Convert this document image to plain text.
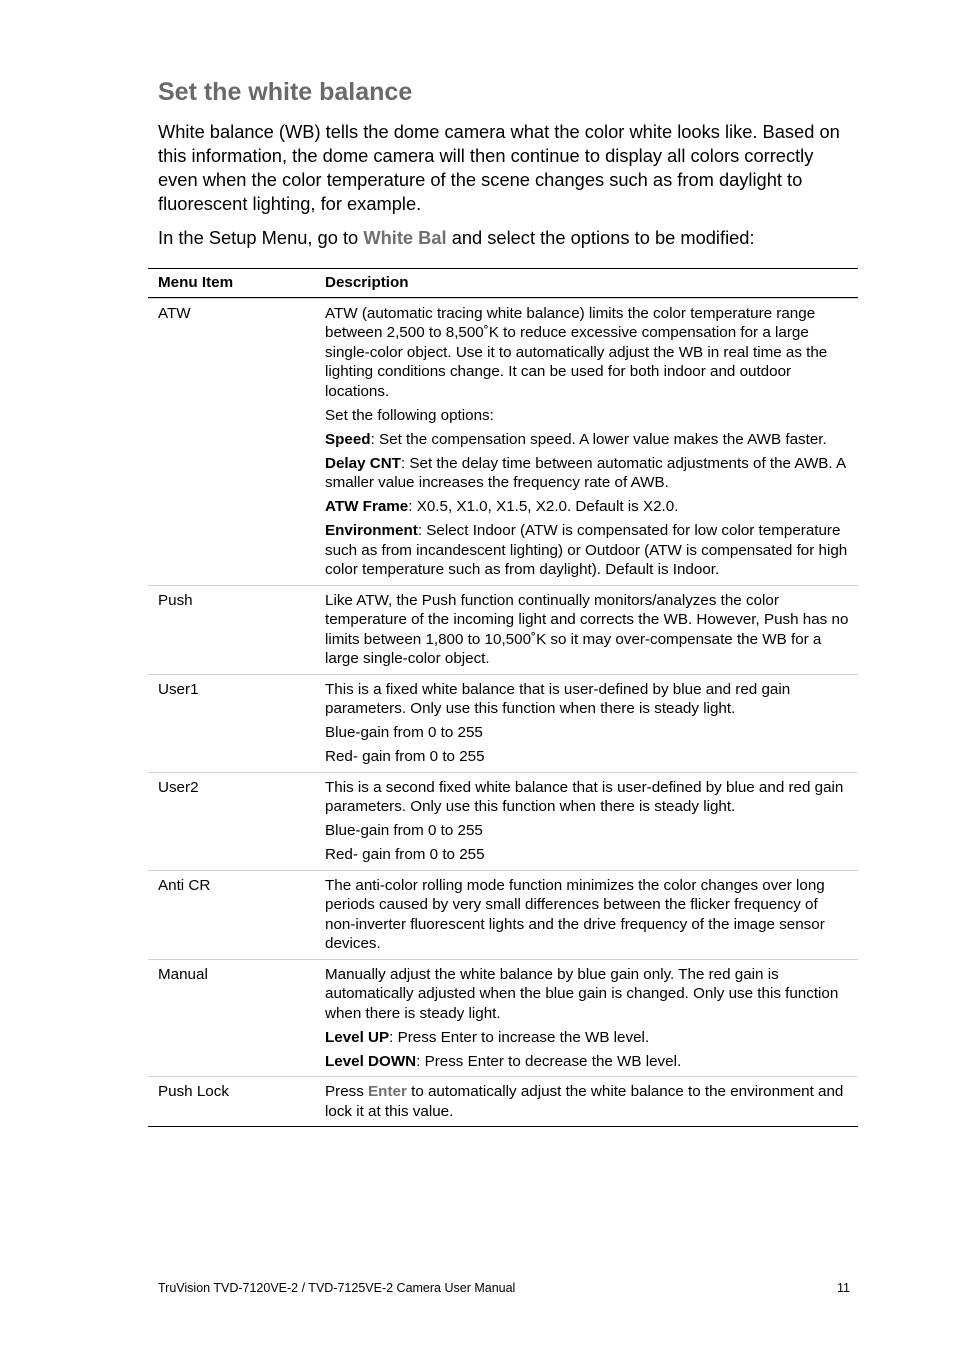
Set the white balance

White balance (WB) tells the dome camera what the color white looks like. Based on this information, the dome camera will then continue to display all colors correctly even when the color temperature of the scene changes such as from daylight to fluorescent lighting, for example.

In the Setup Menu, go to White Bal and select the options to be modified:

Menu Item	Description
ATW	ATW (automatic tracing white balance) limits the color temperature range between 2,500 to 8,500˚K to reduce excessive compensation for a large single-color object. Use it to automatically adjust the WB in real time as the lighting conditions change. It can be used for both indoor and outdoor locations.

Set the following options:

Speed: Set the compensation speed. A lower value makes the AWB faster.

Delay CNT: Set the delay time between automatic adjustments of the AWB. A smaller value increases the frequency rate of AWB.

ATW Frame: X0.5, X1.0, X1.5, X2.0. Default is X2.0.

Environment: Select Indoor (ATW is compensated for low color temperature such as from incandescent lighting) or Outdoor (ATW is compensated for high color temperature such as from daylight). Default is Indoor.

Push	Like ATW, the Push function continually monitors/analyzes the color temperature of the incoming light and corrects the WB. However, Push has no limits between 1,800 to 10,500˚K so it may over-compensate the WB for a large single-color object.

User1	This is a fixed white balance that is user-defined by blue and red gain parameters. Only use this function when there is steady light.

Blue-gain from 0 to 255

Red- gain from 0 to 255

User2	This is a second fixed white balance that is user-defined by blue and red gain parameters. Only use this function when there is steady light.

Blue-gain from 0 to 255

Red- gain from 0 to 255

Anti CR	The anti-color rolling mode function minimizes the color changes over long periods caused by very small differences between the flicker frequency of non-inverter fluorescent lights and the drive frequency of the image sensor devices.

Manual	Manually adjust the white balance by blue gain only. The red gain is automatically adjusted when the blue gain is changed. Only use this function when there is steady light.

Level UP: Press Enter to increase the WB level.

Level DOWN: Press Enter to decrease the WB level.

Push Lock	Press Enter to automatically adjust the white balance to the environment and lock it at this value.

TruVision TVD-7120VE-2 / TVD-7125VE-2 Camera User Manual	11
